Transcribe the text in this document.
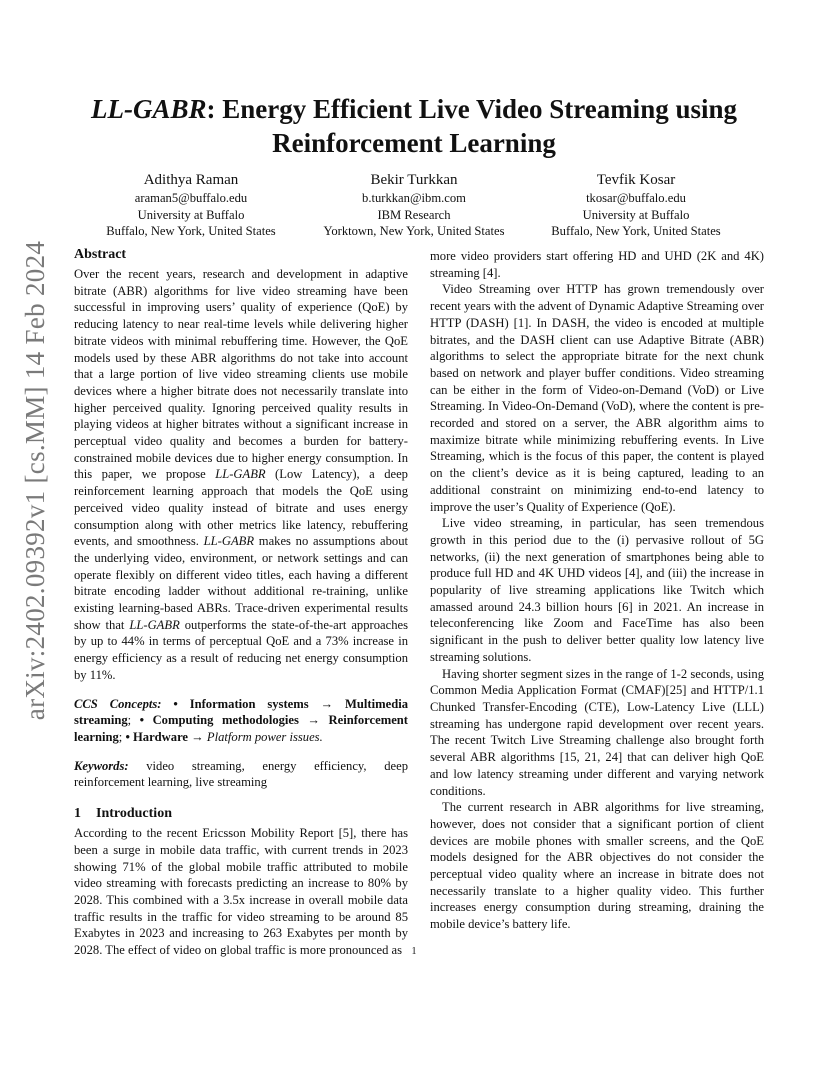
arXiv:2402.09392v1 [cs.MM] 14 Feb 2024
LL-GABR: Energy Efficient Live Video Streaming using Reinforcement Learning
Adithya Raman
araman5@buffalo.edu
University at Buffalo
Buffalo, New York, United States
Bekir Turkkan
b.turkkan@ibm.com
IBM Research
Yorktown, New York, United States
Tevfik Kosar
tkosar@buffalo.edu
University at Buffalo
Buffalo, New York, United States
Abstract

Over the recent years, research and development in adaptive bitrate (ABR) algorithms for live video streaming have been successful in improving users’ quality of experience (QoE) by reducing latency to near real-time levels while delivering higher bitrate videos with minimal rebuffering time. However, the QoE models used by these ABR algorithms do not take into account that a large portion of live video streaming clients use mobile devices where a higher bitrate does not necessarily translate into higher perceived quality. Ignoring perceived quality results in playing videos at higher bitrates without a significant increase in perceptual video quality and becomes a burden for battery-constrained mobile devices due to higher energy consumption. In this paper, we propose LL-GABR (Low Latency), a deep reinforcement learning approach that models the QoE using perceived video quality instead of bitrate and uses energy consumption along with other metrics like latency, rebuffering events, and smoothness. LL-GABR makes no assumptions about the underlying video, environment, or network settings and can operate flexibly on different video titles, each having a different bitrate encoding ladder without additional re-training, unlike existing learning-based ABRs. Trace-driven experimental results show that LL-GABR outperforms the state-of-the-art approaches by up to 44% in terms of perceptual QoE and a 73% increase in energy efficiency as a result of reducing net energy consumption by 11%.

CCS Concepts: • Information systems → Multimedia streaming; • Computing methodologies → Reinforcement learning; • Hardware → Platform power issues.

Keywords: video streaming, energy efficiency, deep reinforcement learning, live streaming

1 Introduction

According to the recent Ericsson Mobility Report [5], there has been a surge in mobile data traffic, with current trends in 2023 showing 71% of the global mobile traffic attributed to mobile video streaming with forecasts predicting an increase to 80% by 2028. This combined with a 3.5x increase in overall mobile data traffic results in the traffic for video streaming to be around 85 Exabytes in 2023 and increasing to 263 Exabytes per month by 2028. The effect of video on global traffic is more pronounced as

more video providers start offering HD and UHD (2K and 4K) streaming [4].

Video Streaming over HTTP has grown tremendously over recent years with the advent of Dynamic Adaptive Streaming over HTTP (DASH) [1]. In DASH, the video is encoded at multiple bitrates, and the DASH client can use Adaptive Bitrate (ABR) algorithms to select the appropriate bitrate for the next chunk based on network and player buffer conditions. Video streaming can be either in the form of Video-on-Demand (VoD) or Live Streaming. In Video-On-Demand (VoD), where the content is pre-recorded and stored on a server, the ABR algorithm aims to maximize bitrate while minimizing rebuffering events. In Live Streaming, which is the focus of this paper, the content is played on the client’s device as it is being captured, leading to an additional constraint on minimizing end-to-end latency to improve the user’s Quality of Experience (QoE).

Live video streaming, in particular, has seen tremendous growth in this period due to the (i) pervasive rollout of 5G networks, (ii) the next generation of smartphones being able to produce full HD and 4K UHD videos [4], and (iii) the increase in popularity of live streaming applications like Twitch which amassed around 24.3 billion hours [6] in 2021. An increase in teleconferencing like Zoom and FaceTime has also been significant in the push to deliver better quality low latency live streaming solutions.

Having shorter segment sizes in the range of 1-2 seconds, using Common Media Application Format (CMAF)[25] and HTTP/1.1 Chunked Transfer-Encoding (CTE), Low-Latency Live (LLL) streaming has undergone rapid development over recent years. The recent Twitch Live Streaming challenge also brought forth several ABR algorithms [15, 21, 24] that can deliver high QoE and low latency streaming under different and varying network conditions.

The current research in ABR algorithms for live streaming, however, does not consider that a significant portion of client devices are mobile phones with smaller screens, and the QoE models designed for the ABR objectives do not consider the perceptual video quality where an increase in bitrate does not necessarily translate to a higher quality video. This further increases energy consumption during streaming, draining the mobile device’s battery life.

1
